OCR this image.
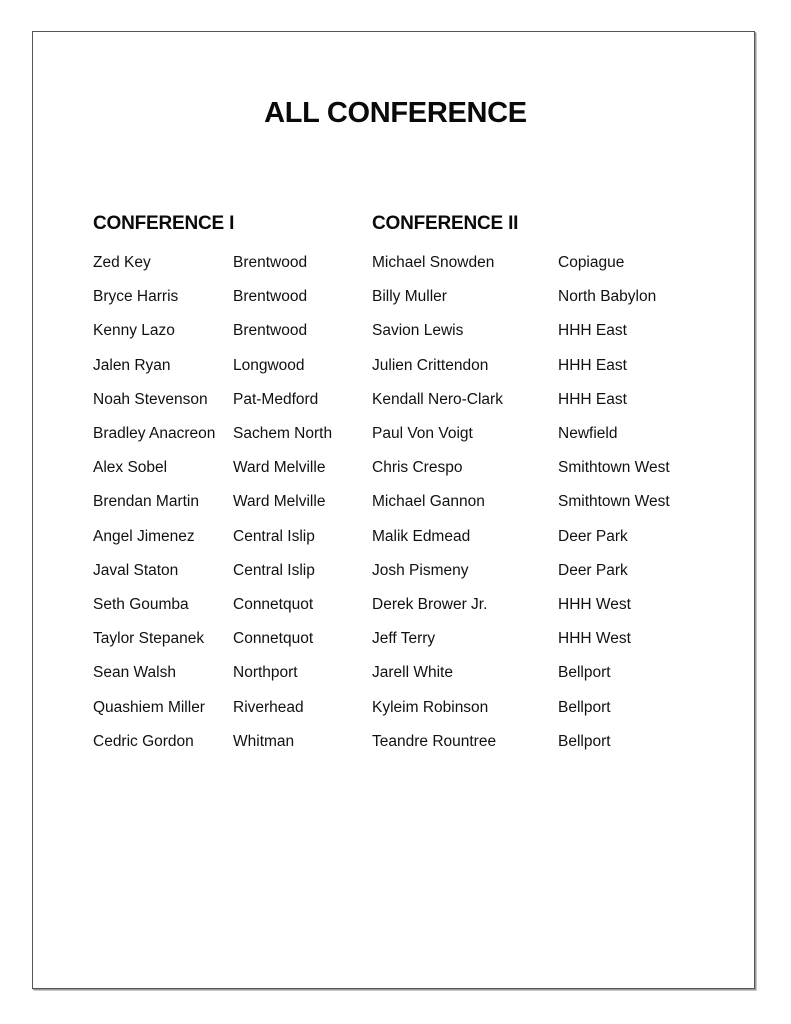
ALL CONFERENCE
CONFERENCE I
Zed Key	Brentwood
Bryce Harris	Brentwood
Kenny Lazo	Brentwood
Jalen Ryan	Longwood
Noah Stevenson	Pat-Medford
Bradley Anacreon	Sachem North
Alex Sobel	Ward Melville
Brendan Martin	Ward Melville
Angel Jimenez	Central Islip
Javal Staton	Central Islip
Seth Goumba	Connetquot
Taylor Stepanek	Connetquot
Sean Walsh	Northport
Quashiem Miller	Riverhead
Cedric Gordon	Whitman
CONFERENCE II
Michael Snowden	Copiague
Billy Muller	North Babylon
Savion Lewis	HHH East
Julien Crittendon	HHH East
Kendall Nero-Clark	HHH East
Paul Von Voigt	Newfield
Chris Crespo	Smithtown West
Michael Gannon	Smithtown West
Malik Edmead	Deer Park
Josh Pismeny	Deer Park
Derek Brower Jr.	HHH West
Jeff Terry	HHH West
Jarell White	Bellport
Kyleim Robinson	Bellport
Teandre Rountree	Bellport
